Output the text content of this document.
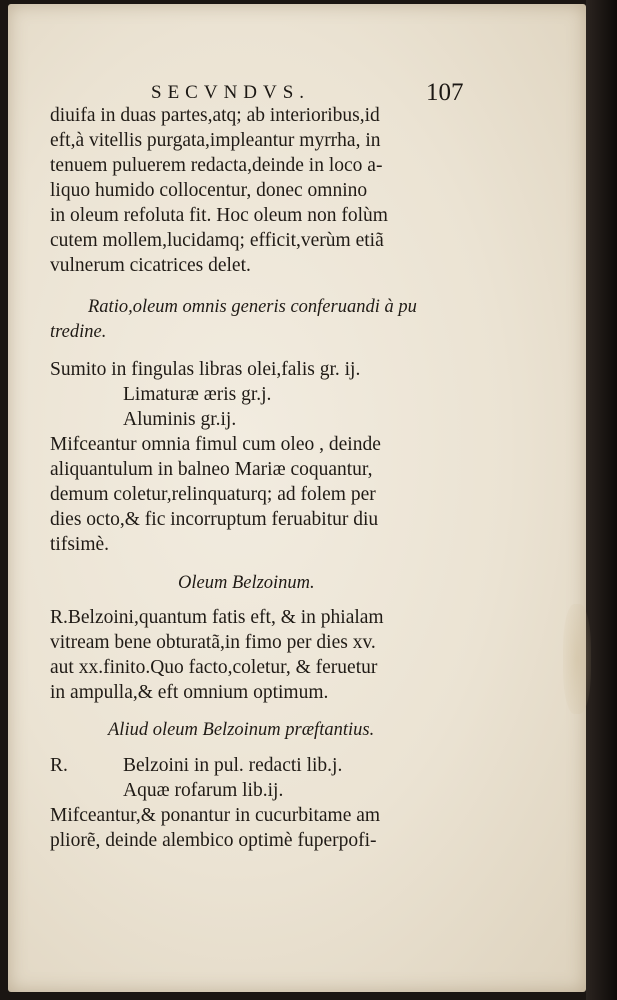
SECVNDVS.	107
diuifa in duas partes,atq; ab interioribus,id
eft,à vitellis purgata,impleantur myrrha, in
tenuem puluerem redacta,deinde in loco a-
liquo humido collocentur, donec omnino
in oleum refoluta fit. Hoc oleum non folùm
cutem mollem,lucidamq; efficit,verùm etiã
vulnerum cicatrices delet.
Ratio,oleum omnis generis conferuandi à pu
tredine.
Sumito in fingulas libras olei,falis gr. ij.
Limaturæ æris gr.j.
Aluminis gr.ij.
Mifceantur omnia fimul cum oleo , deinde
aliquantulum in balneo Mariæ coquantur,
demum coletur,relinquaturq; ad folem per
dies octo,& fic incorruptum feruabitur diu
tifsimè.
Oleum Belzoinum.
R.Belzoini,quantum fatis eft, & in phialam
vitream bene obturatã,in fimo per dies xv.
aut xx.finito.Quo facto,coletur, & feruetur
in ampulla,& eft omnium optimum.
Aliud oleum Belzoinum præftantius.
R.	Belzoini in pul. redacti lib.j.
Aquæ rofarum lib.ij.
Mifceantur,& ponantur in cucurbitame am
pliorẽ, deinde alembico optimè fuperpofi-
